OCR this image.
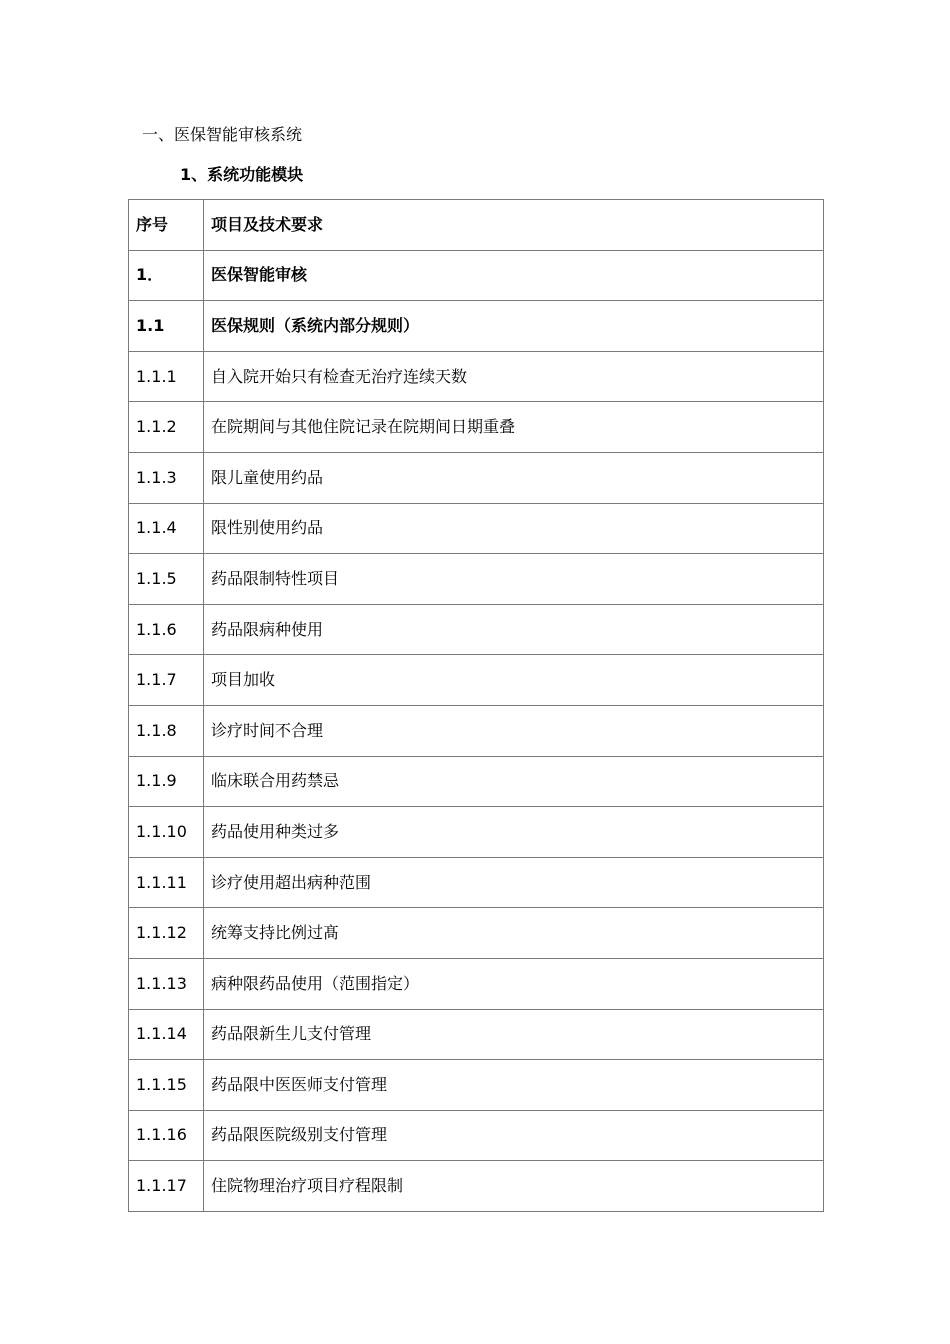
一、医保智能审核系统
1、系统功能模块
序号	项目及技术要求
1．	医保智能审核
1.1	医保规则（系统内部分规则）
1.1.1	自入院开始只有检查无治疗连续天数
1.1.2	在院期间与其他住院记录在院期间日期重叠
1.1.3	限儿童使用约品
1.1.4	限性别使用约品
1.1.5	药品限制特性项目
1.1.6	药品限病种使用
1.1.7	项目加收
1.1.8	诊疗时间不合理
1.1.9	临床联合用药禁忌
1.1.10	药品使用种类过多
1.1.11	诊疗使用超出病种范围
1.1.12	统筹支持比例过髙
1.1.13	病种限药品使用（范围指定）
1.1.14	药品限新生儿支付管理
1.1.15	药品限中医医师支付管理
1.1.16	药品限医院级别支付管理
1.1.17	住院物理治疗项目疗程限制
